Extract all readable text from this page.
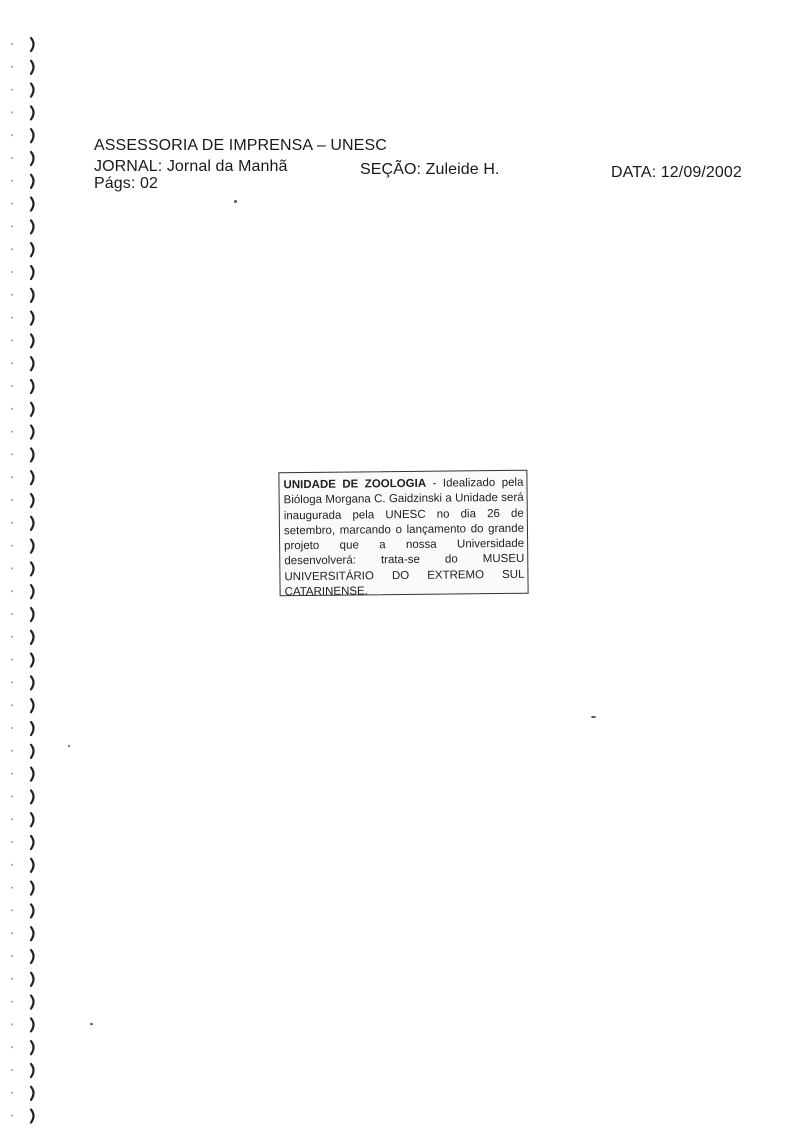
ASSESSORIA DE IMPRENSA – UNESC
JORNAL: Jornal da Manhã	SEÇÃO: Zuleide H.	DATA: 12/09/2002
Págs: 02
UNIDADE DE ZOOLOGIA - Idealizado pela Bióloga Morgana C. Gaidzinski a Unidade será inaugurada pela UNESC no dia 26 de setembro, marcando o lançamento do grande projeto que a nossa Universidade desenvolverá: trata-se do MUSEU UNIVERSITÁRIO DO EXTREMO SUL CATARINENSE.
